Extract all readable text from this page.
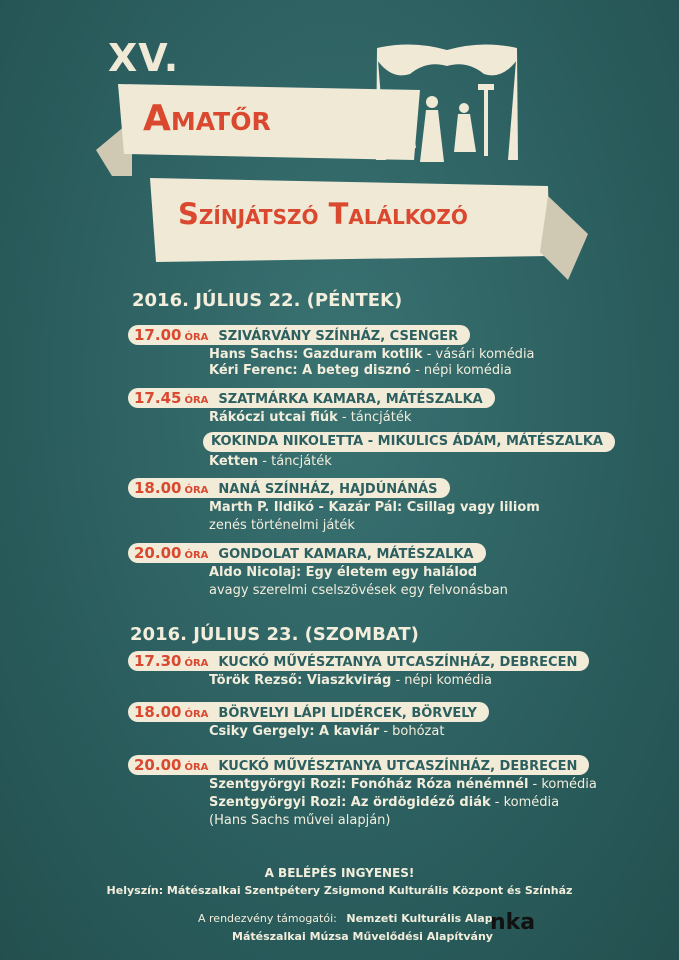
XV.
Amatőr
Színjátszó Találkozó
2016. JÚLIUS 22. (PÉNTEK)
17.00 ÓRA SZIVÁRVÁNY SZÍNHÁZ, CSENGER
Hans Sachs: Gazduram kotlik - vásári komédia
Kéri Ferenc: A beteg disznó - népi komédia
17.45 ÓRA SZATMÁRKA KAMARA, MÁTÉSZALKA
Rákóczi utcai fiúk - táncjáték
KOKINDA NIKOLETTA - MIKULICS ÁDÁM, MÁTÉSZALKA
Ketten - táncjáték
18.00 ÓRA NANÁ SZÍNHÁZ, HAJDÚNÁNÁS
Marth P. Ildikó - Kazár Pál: Csillag vagy liliom
zenés történelmi játék
20.00 ÓRA GONDOLAT KAMARA, MÁTÉSZALKA
Aldo Nicolaj: Egy életem egy halálod
avagy szerelmi cselszövések egy felvonásban
2016. JÚLIUS 23. (SZOMBAT)
17.30 ÓRA KUCKÓ MŰVÉSZTANYA UTCASZÍNHÁZ, DEBRECEN
Török Rezső: Viaszkvirág - népi komédia
18.00 ÓRA BÖRVELYI LÁPI LIDÉRCEK, BÖRVELY
Csiky Gergely: A kaviár - bohózat
20.00 ÓRA KUCKÓ MŰVÉSZTANYA UTCASZÍNHÁZ, DEBRECEN
Szentgyörgyi Rozi: Fonóház Róza nénémnél - komédia
Szentgyörgyi Rozi: Az ördögidéző diák - komédia
(Hans Sachs művei alapján)
A BELÉPÉS INGYENES!
Helyszín: Mátészalkai Szentpétery Zsigmond Kulturális Központ és Színház
A rendezvény támogatói: Nemzeti Kulturális Alap
Mátészalkai Múzsa Művelődési Alapítvány
nka
